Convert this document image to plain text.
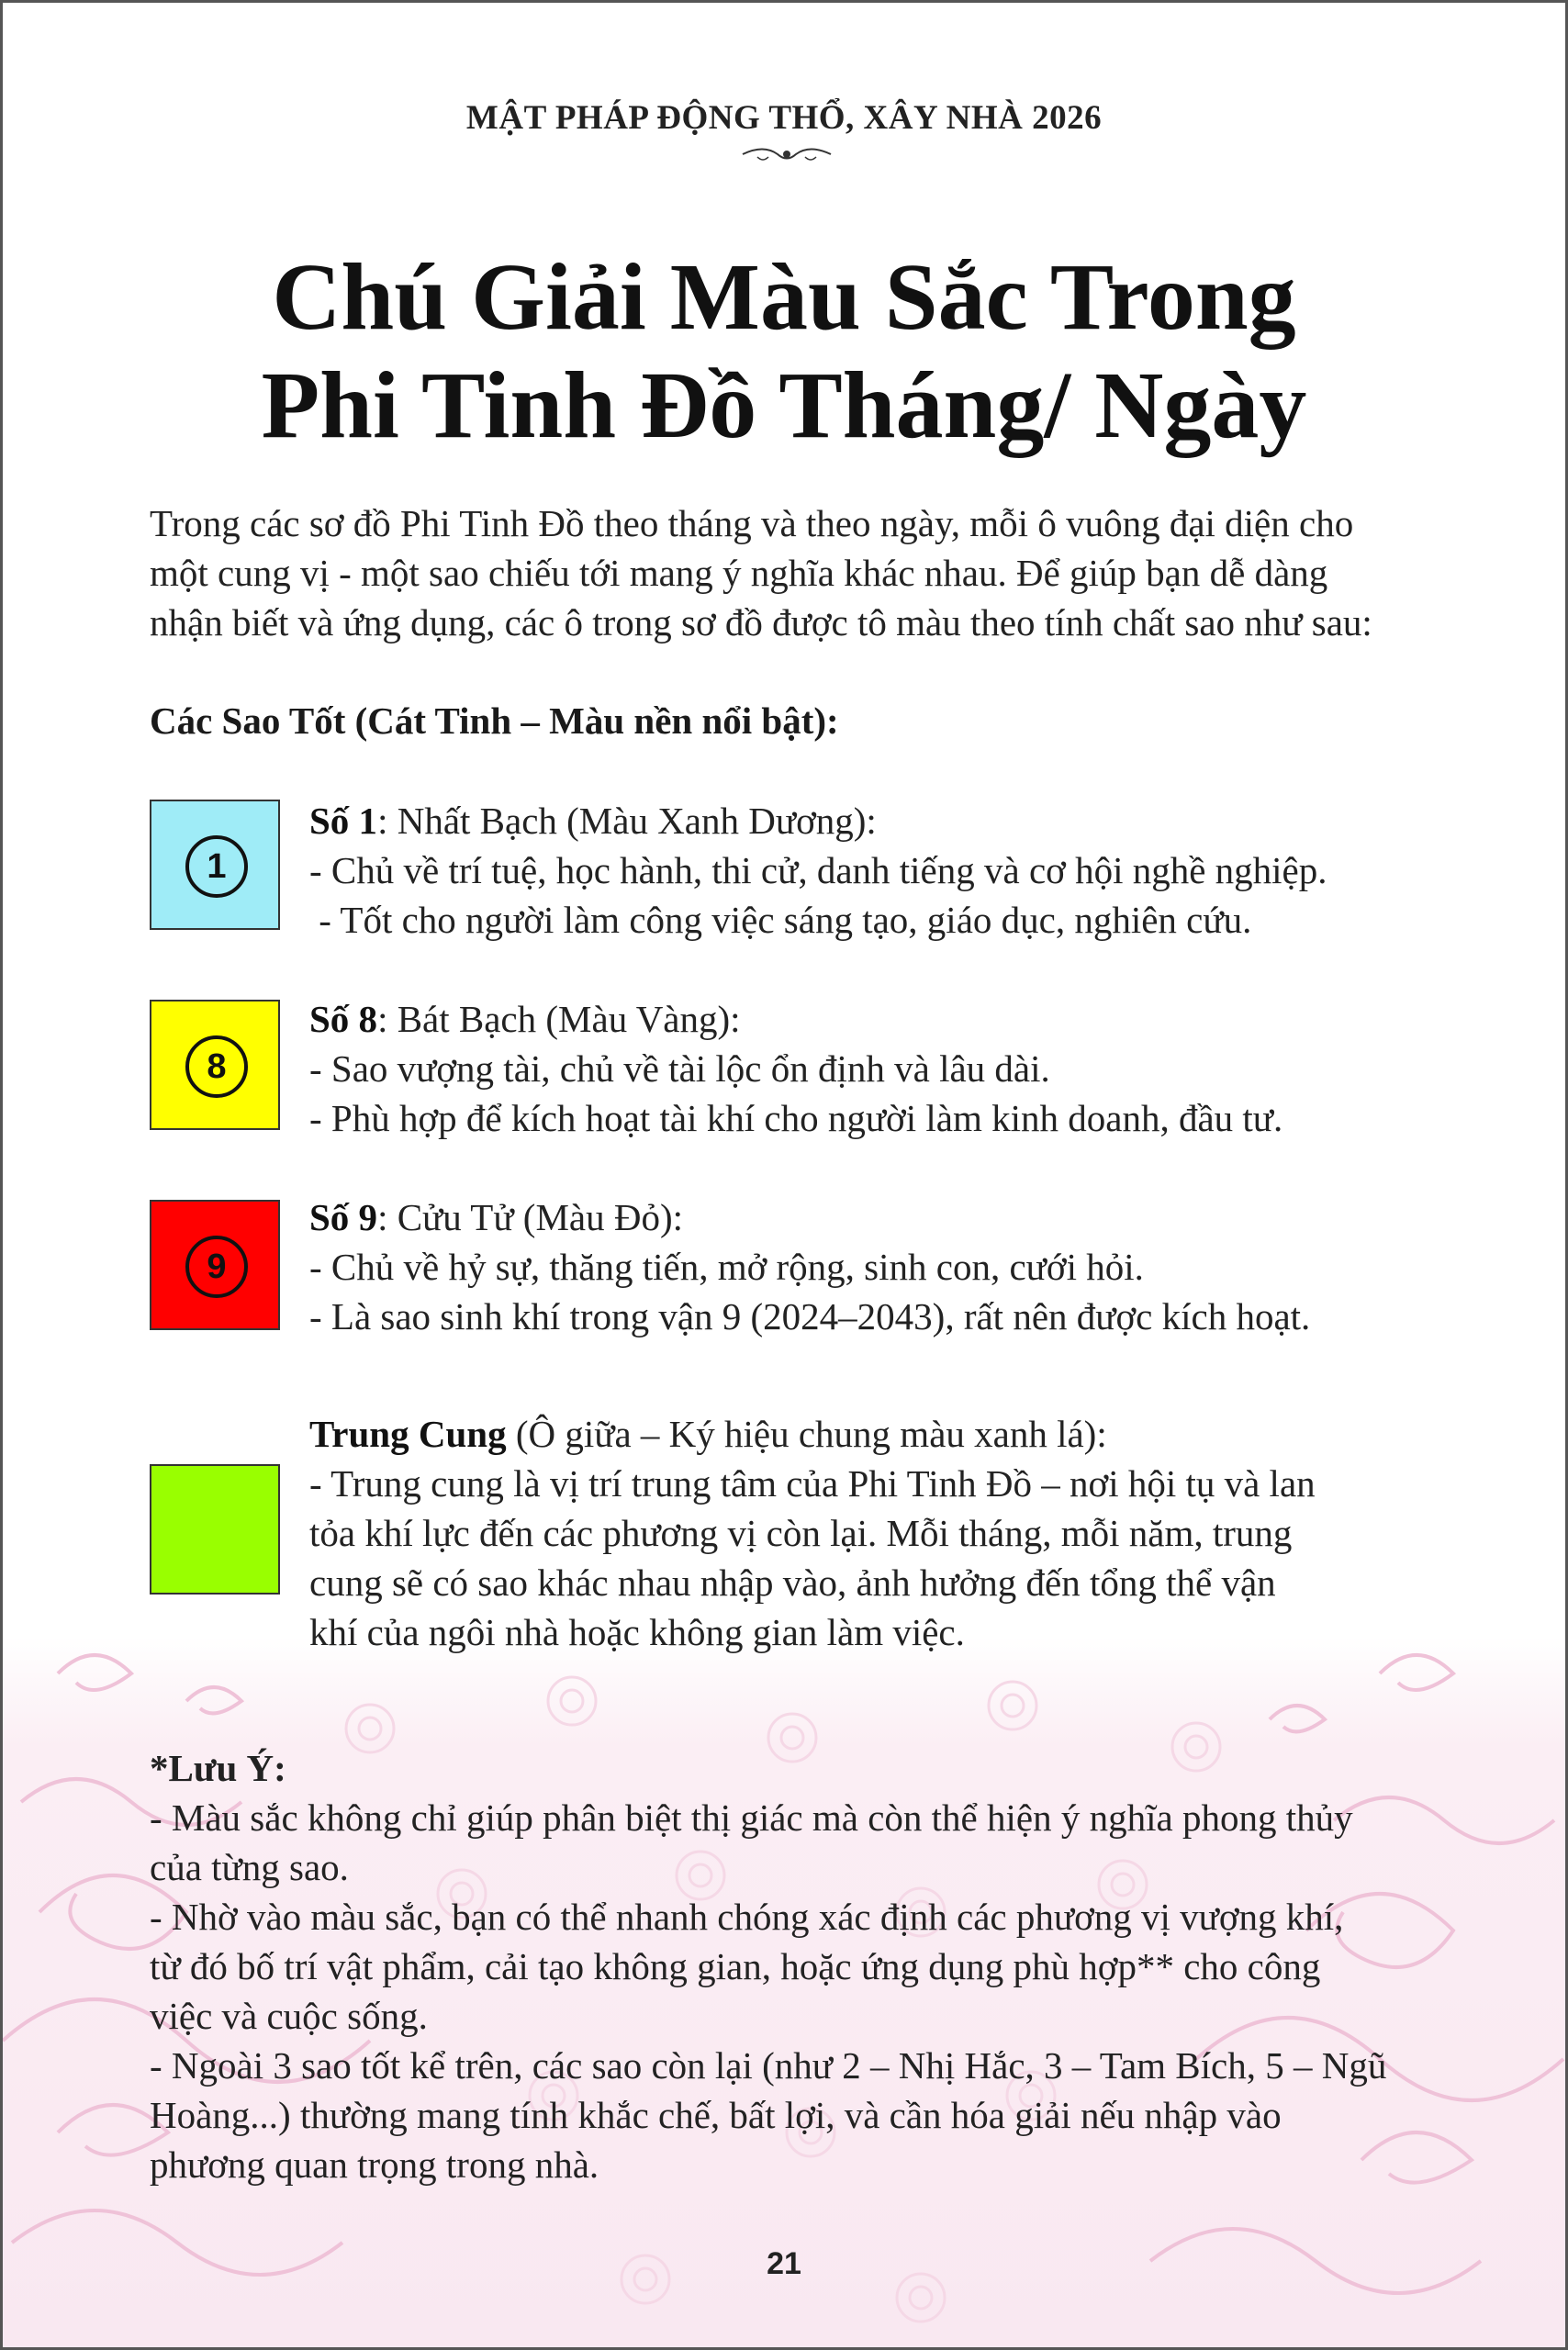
MẬT PHÁP ĐỘNG THỔ, XÂY NHÀ 2026
Chú Giải Màu Sắc Trong
Phi Tinh Đồ Tháng/ Ngày
Trong các sơ đồ Phi Tinh Đồ theo tháng và theo ngày, mỗi ô vuông đại diện cho
một cung vị - một sao chiếu tới mang ý nghĩa khác nhau. Để giúp bạn dễ dàng
nhận biết và ứng dụng, các ô trong sơ đồ được tô màu theo tính chất sao như sau:
Các Sao Tốt (Cát Tinh – Màu nền nổi bật):
1
Số 1: Nhất Bạch (Màu Xanh Dương):
- Chủ về trí tuệ, học hành, thi cử, danh tiếng và cơ hội nghề nghiệp.
- Tốt cho người làm công việc sáng tạo, giáo dục, nghiên cứu.
8
Số 8: Bát Bạch (Màu Vàng):
- Sao vượng tài, chủ về tài lộc ổn định và lâu dài.
- Phù hợp để kích hoạt tài khí cho người làm kinh doanh, đầu tư.
9
Số 9: Cửu Tử (Màu Đỏ):
- Chủ về hỷ sự, thăng tiến, mở rộng, sinh con, cưới hỏi.
- Là sao sinh khí trong vận 9 (2024–2043), rất nên được kích hoạt.
Trung Cung (Ô giữa – Ký hiệu chung màu xanh lá):
- Trung cung là vị trí trung tâm của Phi Tinh Đồ – nơi hội tụ và lan
tỏa khí lực đến các phương vị còn lại. Mỗi tháng, mỗi năm, trung
cung sẽ có sao khác nhau nhập vào, ảnh hưởng đến tổng thể vận
khí của ngôi nhà hoặc không gian làm việc.
*Lưu Ý:
- Màu sắc không chỉ giúp phân biệt thị giác mà còn thể hiện ý nghĩa phong thủy
của từng sao.
- Nhờ vào màu sắc, bạn có thể nhanh chóng xác định các phương vị vượng khí,
từ đó bố trí vật phẩm, cải tạo không gian, hoặc ứng dụng phù hợp** cho công
việc và cuộc sống.
- Ngoài 3 sao tốt kể trên, các sao còn lại (như 2 – Nhị Hắc, 3 – Tam Bích, 5 – Ngũ
Hoàng...) thường mang tính khắc chế, bất lợi, và cần hóa giải nếu nhập vào
phương quan trọng trong nhà.
21
